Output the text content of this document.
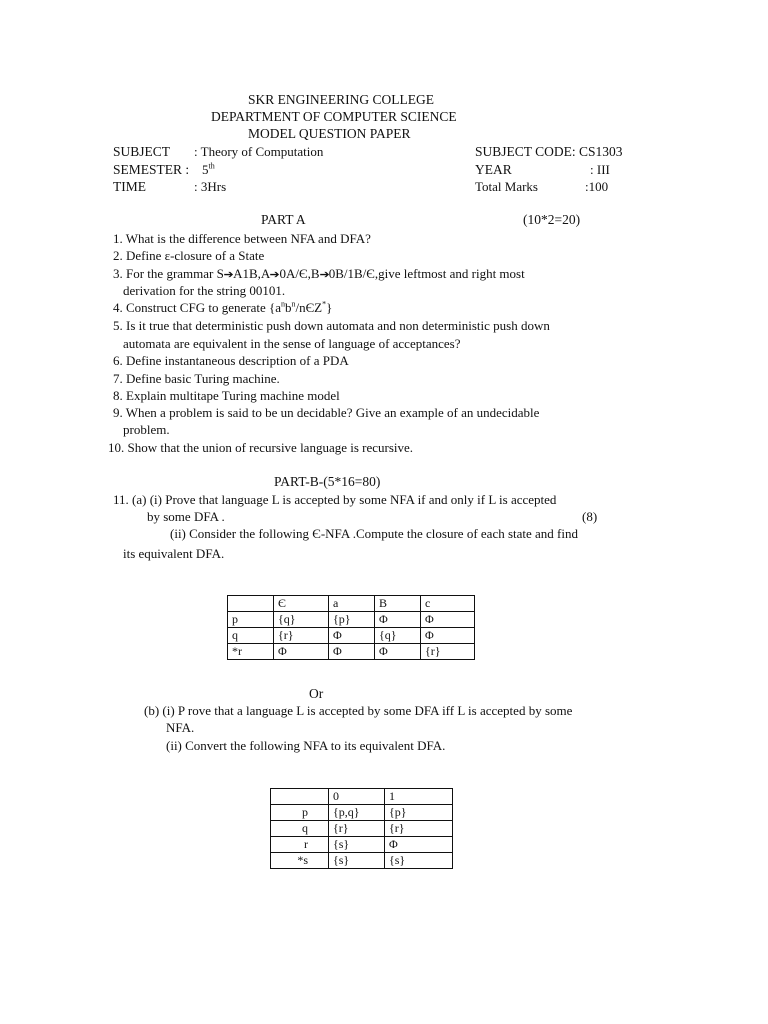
SKR ENGINEERING COLLEGE
DEPARTMENT OF COMPUTER SCIENCE
MODEL QUESTION PAPER
SUBJECT : Theory of Computation	SUBJECT CODE: CS1303
SEMESTER : 5th	YEAR	: III
TIME	: 3Hrs	Total Marks	:100
PART A	(10*2=20)
1. What is the difference between NFA and DFA?
2. Define ε-closure of a State
3. For the grammar S➔A1B,A➔0A/Є,B➔0B/1B/Є,give leftmost and right most
derivation for the string 00101.
4. Construct CFG to generate $\{a^nb^n/nЄZ^*\}$
5. Is it true that deterministic push down automata and non deterministic push down
automata are equivalent in the sense of language of acceptances?
6. Define instantaneous description of a PDA
7. Define basic Turing machine.
8. Explain multitape Turing machine model
9. When a problem is said to be un decidable? Give an example of an undecidable
problem.
10. Show that the union of recursive language is recursive.
PART-B-(5*16=80)
11. (a) (i) Prove that language L is accepted by some NFA if and only if L is accepted
by some DFA .	(8)
(ii) Consider the following Є-NFA .Compute the closure of each state and find
its equivalent DFA.
	Є	a	B	c
p	{q}	{p}	Φ	Φ
q	{r}	Φ	{q}	Φ
*r	Φ	Φ	Φ	{r}
Or
(b) (i) P rove that a language L is accepted by some DFA iff L is accepted by some
NFA.
(ii) Convert the following NFA to its equivalent DFA.
	0	1
p	{p,q}	{p}
q	{r}	{r}
r	{s}	Φ
*s	{s}	{s}
